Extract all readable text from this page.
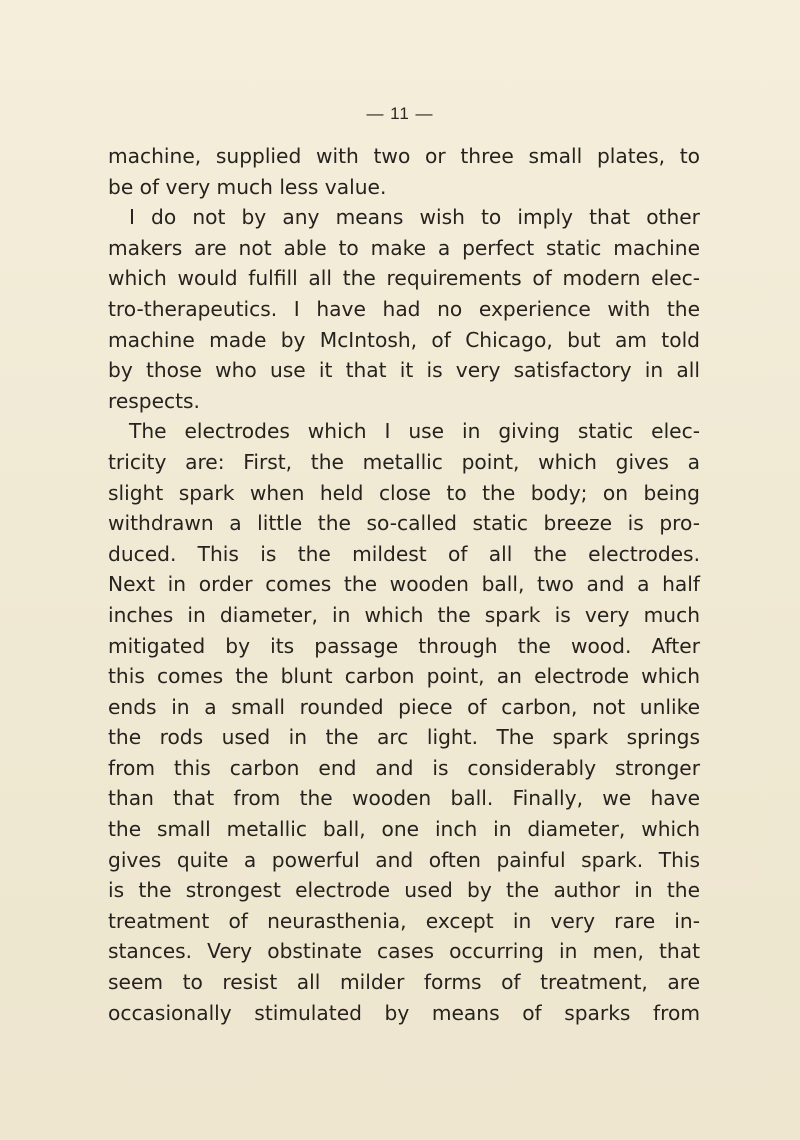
— 11 —
machine, supplied with two or three small plates, to
be of very much less value.
I do not by any means wish to imply that other
makers are not able to make a perfect static machine
which would fulfill all the requirements of modern elec-
tro-therapeutics. I have had no experience with the
machine made by McIntosh, of Chicago, but am told
by those who use it that it is very satisfactory in all
respects.
The electrodes which I use in giving static elec-
tricity are: First, the metallic point, which gives a
slight spark when held close to the body; on being
withdrawn a little the so-called static breeze is pro-
duced. This is the mildest of all the electrodes.
Next in order comes the wooden ball, two and a half
inches in diameter, in which the spark is very much
mitigated by its passage through the wood. After
this comes the blunt carbon point, an electrode which
ends in a small rounded piece of carbon, not unlike
the rods used in the arc light. The spark springs
from this carbon end and is considerably stronger
than that from the wooden ball. Finally, we have
the small metallic ball, one inch in diameter, which
gives quite a powerful and often painful spark. This
is the strongest electrode used by the author in the
treatment of neurasthenia, except in very rare in-
stances. Very obstinate cases occurring in men, that
seem to resist all milder forms of treatment, are
occasionally stimulated by means of sparks from
